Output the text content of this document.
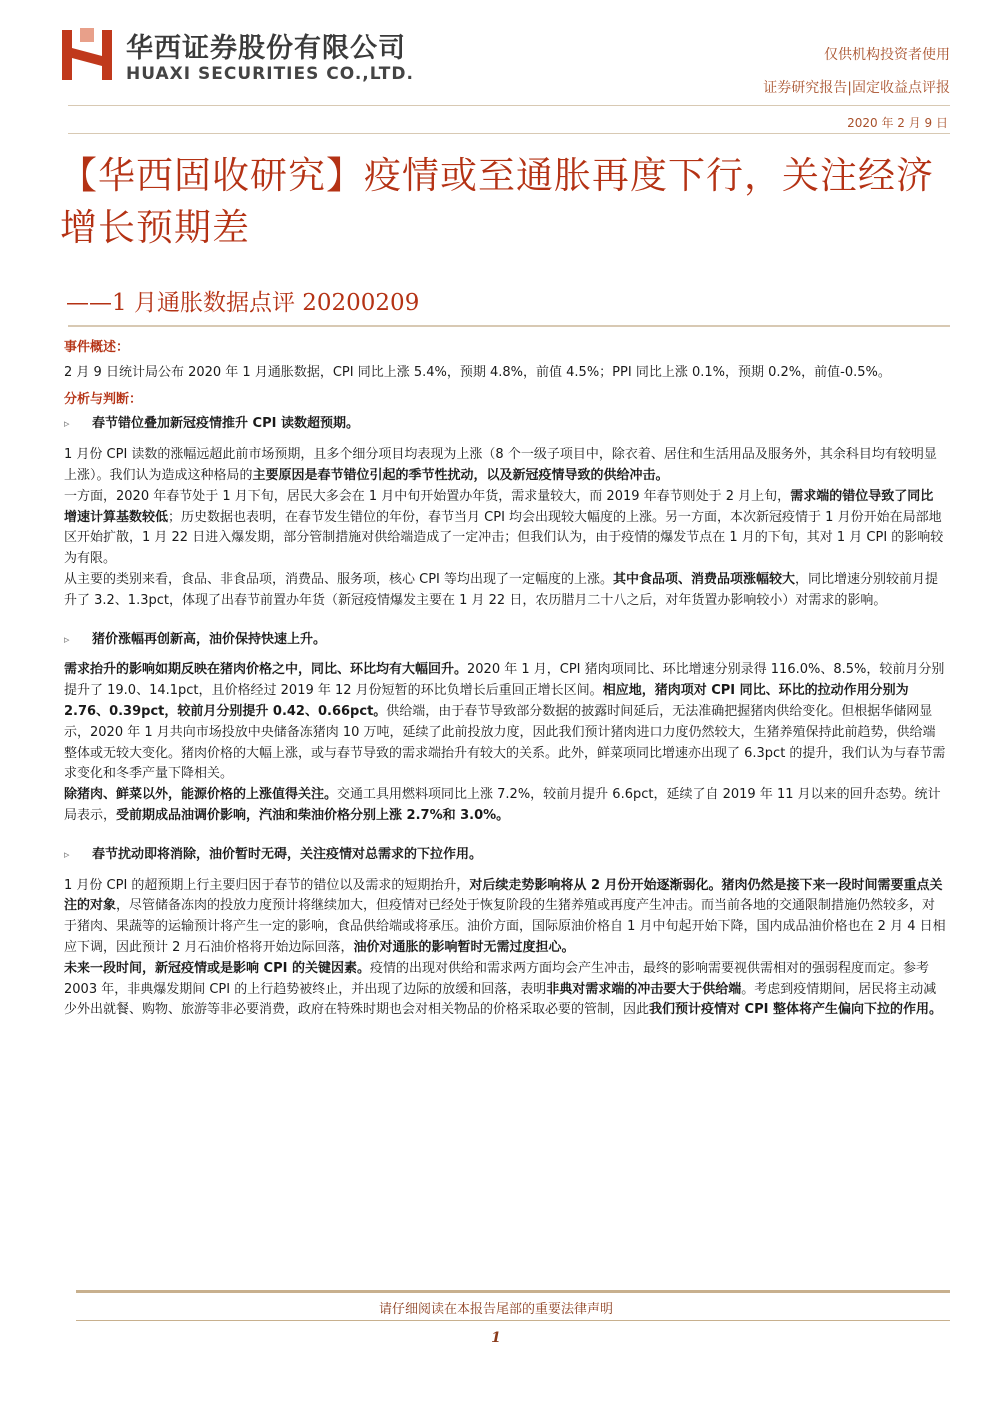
华西证券股份有限公司
HUAXI SECURITIES CO.,LTD.
仅供机构投资者使用
证券研究报告|固定收益点评报
2020 年 2 月 9 日
【华西固收研究】疫情或至通胀再度下行，关注经济增长预期差
——1 月通胀数据点评 20200209

事件概述：

2 月 9 日统计局公布 2020 年 1 月通胀数据，CPI 同比上涨 5.4%，预期 4.8%，前值 4.5%；PPI 同比上涨 0.1%，预期 0.2%，前值-0.5%。

分析与判断：

▹ 春节错位叠加新冠疫情推升 CPI 读数超预期。

1 月份 CPI 读数的涨幅远超此前市场预期，且多个细分项目均表现为上涨（8 个一级子项目中，除衣着、居住和生活用品及服务外，其余科目均有较明显上涨）。我们认为造成这种格局的主要原因是春节错位引起的季节性扰动，以及新冠疫情导致的供给冲击。

一方面，2020 年春节处于 1 月下旬，居民大多会在 1 月中旬开始置办年货，需求量较大，而 2019 年春节则处于 2 月上旬，需求端的错位导致了同比增速计算基数较低；历史数据也表明，在春节发生错位的年份，春节当月 CPI 均会出现较大幅度的上涨。另一方面，本次新冠疫情于 1 月份开始在局部地区开始扩散，1 月 22 日进入爆发期，部分管制措施对供给端造成了一定冲击；但我们认为，由于疫情的爆发节点在 1 月的下旬，其对 1 月 CPI 的影响较为有限。

从主要的类别来看，食品、非食品项，消费品、服务项，核心 CPI 等均出现了一定幅度的上涨。其中食品项、消费品项涨幅较大，同比增速分别较前月提升了 3.2、1.3pct，体现了出春节前置办年货（新冠疫情爆发主要在 1 月 22 日，农历腊月二十八之后，对年货置办影响较小）对需求的影响。

▹ 猪价涨幅再创新高，油价保持快速上升。

需求抬升的影响如期反映在猪肉价格之中，同比、环比均有大幅回升。2020 年 1 月，CPI 猪肉项同比、环比增速分别录得 116.0%、8.5%，较前月分别提升了 19.0、14.1pct，且价格经过 2019 年 12 月份短暂的环比负增长后重回正增长区间。相应地，猪肉项对 CPI 同比、环比的拉动作用分别为 2.76、0.39pct，较前月分别提升 0.42、0.66pct。供给端，由于春节导致部分数据的披露时间延后，无法准确把握猪肉供给变化。但根据华储网显示，2020 年 1 月共向市场投放中央储备冻猪肉 10 万吨，延续了此前投放力度，因此我们预计猪肉进口力度仍然较大，生猪养殖保持此前趋势，供给端整体或无较大变化。猪肉价格的大幅上涨，或与春节导致的需求端抬升有较大的关系。此外，鲜菜项同比增速亦出现了 6.3pct 的提升，我们认为与春节需求变化和冬季产量下降相关。

除猪肉、鲜菜以外，能源价格的上涨值得关注。交通工具用燃料项同比上涨 7.2%，较前月提升 6.6pct，延续了自 2019 年 11 月以来的回升态势。统计局表示，受前期成品油调价影响，汽油和柴油价格分别上涨 2.7%和 3.0%。

▹ 春节扰动即将消除，油价暂时无碍，关注疫情对总需求的下拉作用。

1 月份 CPI 的超预期上行主要归因于春节的错位以及需求的短期抬升，对后续走势影响将从 2 月份开始逐渐弱化。猪肉仍然是接下来一段时间需要重点关注的对象，尽管储备冻肉的投放力度预计将继续加大，但疫情对已经处于恢复阶段的生猪养殖或再度产生冲击。而当前各地的交通限制措施仍然较多，对于猪肉、果蔬等的运输预计将产生一定的影响，食品供给端或将承压。油价方面，国际原油价格自 1 月中旬起开始下降，国内成品油价格也在 2 月 4 日相应下调，因此预计 2 月石油价格将开始边际回落，油价对通胀的影响暂时无需过度担心。

未来一段时间，新冠疫情或是影响 CPI 的关键因素。疫情的出现对供给和需求两方面均会产生冲击，最终的影响需要视供需相对的强弱程度而定。参考 2003 年，非典爆发期间 CPI 的上行趋势被终止，并出现了边际的放缓和回落，表明非典对需求端的冲击要大于供给端。考虑到疫情期间，居民将主动减少外出就餐、购物、旅游等非必要消费，政府在特殊时期也会对相关物品的价格采取必要的管制，因此我们预计疫情对 CPI 整体将产生偏向下拉的作用。

请仔细阅读在本报告尾部的重要法律声明
1
